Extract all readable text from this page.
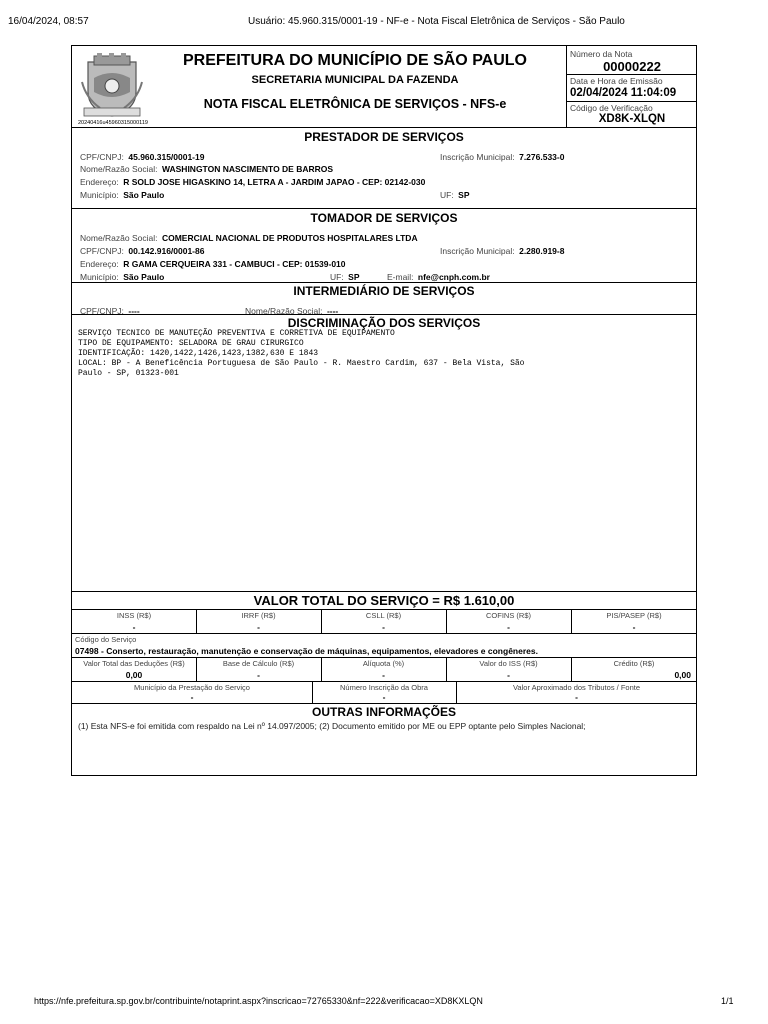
16/04/2024, 08:57	Usuário: 45.960.315/0001-19 - NF-e - Nota Fiscal Eletrônica de Serviços - São Paulo
20240416u45960315000119
PREFEITURA DO MUNICÍPIO DE SÃO PAULO
SECRETARIA MUNICIPAL DA FAZENDA
NOTA FISCAL ELETRÔNICA DE SERVIÇOS - NFS-e
Número da Nota
00000222
Data e Hora de Emissão
02/04/2024 11:04:09
Código de Verificação
XD8K-XLQN
PRESTADOR DE SERVIÇOS
CPF/CNPJ: 45.960.315/0001-19	Inscrição Municipal: 7.276.533-0
Nome/Razão Social: WASHINGTON NASCIMENTO DE BARROS
Endereço: R SOLD JOSE HIGASKINO 14, LETRA A - JARDIM JAPAO - CEP: 02142-030
Município: São Paulo	UF: SP
TOMADOR DE SERVIÇOS
Nome/Razão Social: COMERCIAL NACIONAL DE PRODUTOS HOSPITALARES LTDA
CPF/CNPJ: 00.142.916/0001-86	Inscrição Municipal: 2.280.919-8
Endereço: R GAMA CERQUEIRA 331 - CAMBUCI - CEP: 01539-010
Município: São Paulo	UF: SP	E-mail: nfe@cnph.com.br
INTERMEDIÁRIO DE SERVIÇOS
CPF/CNPJ: ----	Nome/Razão Social: ----
DISCRIMINAÇÃO DOS SERVIÇOS
SERVIÇO TECNICO DE MANUTEÇÃO PREVENTIVA E CORRETIVA DE EQUIPAMENTO
TIPO DE EQUIPAMENTO: SELADORA DE GRAU CIRURGICO
IDENTIFICAÇÃO: 1420,1422,1426,1423,1382,630 E 1843
LOCAL: BP - A Beneficência Portuguesa de São Paulo - R. Maestro Cardim, 637 - Bela Vista, São
Paulo - SP, 01323-001
VALOR TOTAL DO SERVIÇO = R$ 1.610,00
INSS (R$)	IRRF (R$)	CSLL (R$)	COFINS (R$)	PIS/PASEP (R$)
-	-	-	-	-
Código do Serviço
07498 - Conserto, restauração, manutenção e conservação de máquinas, equipamentos, elevadores e congêneres.
Valor Total das Deduções (R$)	Base de Cálculo (R$)	Alíquota (%)	Valor do ISS (R$)	Crédito (R$)
0,00	-	-	-	0,00
Município da Prestação do Serviço	Número Inscrição da Obra	Valor Aproximado dos Tributos / Fonte
-	-	-
OUTRAS INFORMAÇÕES
(1) Esta NFS-e foi emitida com respaldo na Lei nº 14.097/2005; (2) Documento emitido por ME ou EPP optante pelo Simples Nacional;
https://nfe.prefeitura.sp.gov.br/contribuinte/notaprint.aspx?inscricao=72765330&nf=222&verificacao=XD8KXLQN	1/1
